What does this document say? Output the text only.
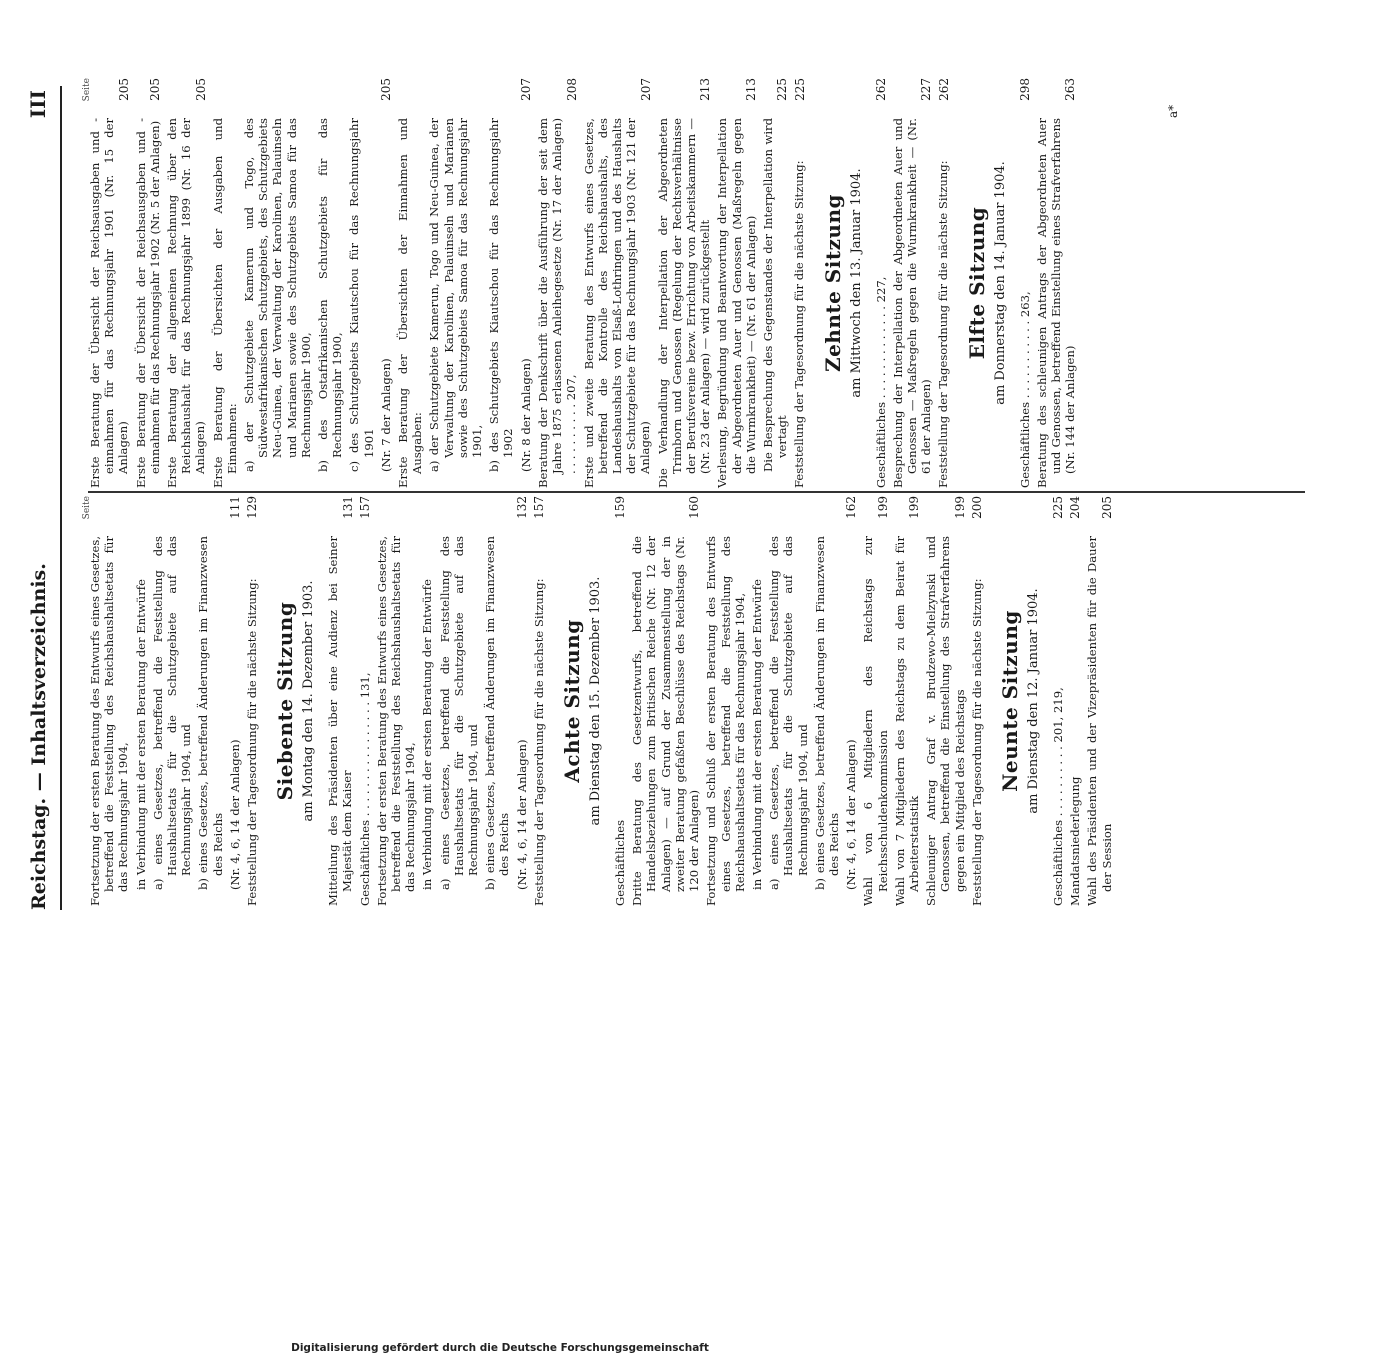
Reichstag. — Inhaltsverzeichnis.
III
Seite
Fortsetzung der ersten Beratung des Entwurfs eines Gesetzes, betreffend die Feststellung des Reichshaushaltsetats für das Rechnungsjahr 1904, in Verbindung mit der ersten Beratung der Entwürfe a) eines Gesetzes, betreffend die Feststellung des Haushaltsetats für die Schutzgebiete auf das Rechnungsjahr 1904, und b) eines Gesetzes, betreffend Änderungen im Finanzwesen des Reichs (Nr. 4, 6, 14 der Anlagen)
111
Feststellung der Tagesordnung für die nächste Sitzung:
129
Siebente Sitzung am Montag den 14. Dezember 1903. Mitteilung des Präsidenten über eine Audienz bei Seiner Majestät dem Kaiser
131
Geschäftliches . . . . . . . . . . . . . . . . 131,
157
Fortsetzung der ersten Beratung des Entwurfs eines Gesetzes, betreffend die Feststellung des Reichshaushaltsetats für das Rechnungsjahr 1904, in Verbindung mit der ersten Beratung der Entwürfe a) eines Gesetzes, betreffend die Feststellung des Haushaltsetats für die Schutzgebiete auf das Rechnungsjahr 1904, und b) eines Gesetzes, betreffend Änderungen im Finanzwesen des Reichs (Nr. 4, 6, 14 der Anlagen)
132
Feststellung der Tagesordnung für die nächste Sitzung:
157
Achte Sitzung am Dienstag den 15. Dezember 1903.
Geschäftliches
159
Dritte Beratung des Gesetzentwurfs, betreffend die Handelsbeziehungen zum Britischen Reiche (Nr. 12 der Anlagen) — auf Grund der Zusammenstellung der in zweiter Beratung gefaßten Beschlüsse des Reichstags (Nr. 120 der Anlagen)
160
Fortsetzung und Schluß der ersten Beratung des Entwurfs eines Gesetzes, betreffend die Feststellung des Reichshaushaltsetats für das Rechnungsjahr 1904, in Verbindung mit der ersten Beratung der Entwürfe a) eines Gesetzes, betreffend die Feststellung des Haushaltsetats für die Schutzgebiete auf das Rechnungsjahr 1904, und b) eines Gesetzes, betreffend Änderungen im Finanzwesen des Reichs (Nr. 4, 6, 14 der Anlagen)
162
Wahl von 6 Mitgliedern des Reichstags zur Reichsschuldenkommission
199
Wahl von 7 Mitgliedern des Reichstags zu dem Beirat für Arbeiterstatistik
199
Schleuniger Antrag Graf v. Brudzewo-Mielzynski und Genossen, betreffend die Einstellung des Strafverfahrens gegen ein Mitglied des Reichstags
199
Feststellung der Tagesordnung für die nächste Sitzung:
200
Neunte Sitzung am Dienstag den 12. Januar 1904. Geschäftliches . . . . . . . . . . 201, 219,
225
Mandatsniederlegung
204
Wahl des Präsidenten und der Vizepräsidenten für die Dauer der Session
205
Seite
Erste Beratung der Übersicht der Reichsausgaben und -einnahmen für das Rechnungsjahr 1901 (Nr. 15 der Anlagen)
205
Erste Beratung der Übersicht der Reichsausgaben und -einnahmen für das Rechnungsjahr 1902 (Nr. 5 der Anlagen)
205
Erste Beratung der allgemeinen Rechnung über den Reichshaushalt für das Rechnungsjahr 1899 (Nr. 16 der Anlagen)
205
Erste Beratung der Übersichten der Ausgaben und Einnahmen: a) der Schutzgebiete Kamerun und Togo, des Südwestafrikanischen Schutzgebiets, des Schutzgebiets Neu-Guinea, der Verwaltung der Karolinen, Palauinseln und Marianen sowie des Schutzgebiets Samoa für das Rechnungsjahr 1900, b) des Ostafrikanischen Schutzgebiets für das Rechnungsjahr 1900, c) des Schutzgebiets Kiautschou für das Rechnungsjahr 1901 (Nr. 7 der Anlagen)
205
Erste Beratung der Übersichten der Einnahmen und Ausgaben: a) der Schutzgebiete Kamerun, Togo und Neu-Guinea, der Verwaltung der Karolinen, Palauinseln und Marianen sowie des Schutzgebiets Samoa für das Rechnungsjahr 1901, b) des Schutzgebiets Kiautschou für das Rechnungsjahr 1902 (Nr. 8 der Anlagen)
207
Beratung der Denkschrift über die Ausführung der seit dem Jahre 1875 erlassenen Anleihegesetze (Nr. 17 der Anlagen) . . . . . . . . . . 207,
208
Erste und zweite Beratung des Entwurfs eines Gesetzes, betreffend die Kontrolle des Reichshaushalts, des Landeshaushalts von Elsaß-Lothringen und des Haushalts der Schutzgebiete für das Rechnungsjahr 1903 (Nr. 121 der Anlagen)
207
Die Verhandlung der Interpellation der Abgeordneten Trimborn und Genossen (Regelung der Rechtsverhältnisse der Berufsvereine bezw. Errichtung von Arbeitskammern — (Nr. 23 der Anlagen) — wird zurückgestellt
213
Verlesung, Begründung und Beantwortung der Interpellation der Abgeordneten Auer und Genossen (Maßregeln gegen die Wurmkrankheit) — (Nr. 61 der Anlagen)
213
Die Besprechung des Gegenstandes der Interpellation wird vertagt
225
Feststellung der Tagesordnung für die nächste Sitzung:
225
Zehnte Sitzung am Mittwoch den 13. Januar 1904. Geschäftliches . . . . . . . . . . . . . 227,
262
Besprechung der Interpellation der Abgeordneten Auer und Genossen — Maßregeln gegen die Wurmkrankheit — (Nr. 61 der Anlagen)
227
Feststellung der Tagesordnung für die nächste Sitzung:
262
Elfte Sitzung am Donnerstag den 14. Januar 1904. Geschäftliches . . . . . . . . . . . 263,
298
Beratung des schleunigen Antrags der Abgeordneten Auer und Genossen, betreffend Einstellung eines Strafverfahrens (Nr. 144 der Anlagen)
263
a*
Digitalisierung gefördert durch die Deutsche Forschungsgemeinschaft
